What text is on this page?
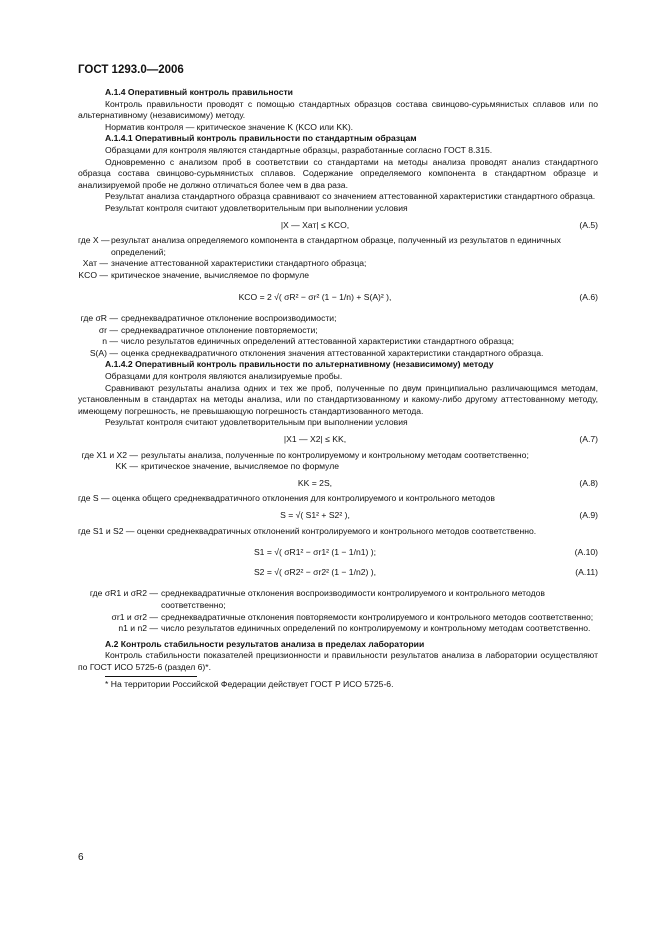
ГОСТ 1293.0—2006

А.1.4 Оперативный контроль правильности

Контроль правильности проводят с помощью стандартных образцов состава свинцово-сурьмянистых сплавов или по альтернативному (независимому) методу.

Норматив контроля — критическое значение K (KCO или KK).

А.1.4.1 Оперативный контроль правильности по стандартным образцам

Образцами для контроля являются стандартные образцы, разработанные согласно ГОСТ 8.315.

Одновременно с анализом проб в соответствии со стандартами на методы анализа проводят анализ стандартного образца состава свинцово-сурьмянистых сплавов. Содержание определяемого компонента в стандартном образце и анализируемой пробе не должно отличаться более чем в два раза.

Результат анализа стандартного образца сравнивают со значением аттестованной характеристики стандартного образца.

Результат контроля считают удовлетворительным при выполнении условия

|X — Xат| ≤ KCO,	(А.5)
где X — результат анализа определяемого компонента в стандартном образце, полученный из результатов n единичных определений;
Xат — значение аттестованной характеристики стандартного образца;
KCO — критическое значение, вычисляемое по формуле
KCO = 2 √( σR² − σr² (1 − 1/n) + S(A)² ),	(А.6)
где σR — среднеквадратичное отклонение воспроизводимости;
σr — среднеквадратичное отклонение повторяемости;
n — число результатов единичных определений аттестованной характеристики стандартного образца;
S(A) — оценка среднеквадратичного отклонения значения аттестованной характеристики стандартного образца.

А.1.4.2 Оперативный контроль правильности по альтернативному (независимому) методу

Образцами для контроля являются анализируемые пробы.

Сравнивают результаты анализа одних и тех же проб, полученные по двум принципиально различающимся методам, установленным в стандартах на методы анализа, или по стандартизованному и какому-либо другому аттестованному методу, имеющему погрешность, не превышающую погрешность стандартизованного метода.

Результат контроля считают удовлетворительным при выполнении условия

|X1 — X2| ≤ KK,	(А.7)
где X1 и X2 — результаты анализа, полученные по контролируемому и контрольному методам соответственно;
KK — критическое значение, вычисляемое по формуле
KK = 2S,	(А.8)

где S — оценка общего среднеквадратичного отклонения для контролируемого и контрольного методов

S = √( S1² + S2² ),	(А.9)

где S1 и S2 — оценки среднеквадратичных отклонений контролируемого и контрольного методов соответственно.

S1 = √( σR1² − σr1² (1 − 1/n1) );	(А.10)
S2 = √( σR2² − σr2² (1 − 1/n2) ),	(А.11)
где σR1 и σR2 — среднеквадратичные отклонения воспроизводимости контролируемого и контрольного методов соответственно;
σr1 и σr2 — среднеквадратичные отклонения повторяемости контролируемого и контрольного методов соответственно;
n1 и n2 — число результатов единичных определений по контролируемому и контрольному методам соответственно.

А.2 Контроль стабильности результатов анализа в пределах лаборатории

Контроль стабильности показателей прецизионности и правильности результатов анализа в лаборатории осуществляют по ГОСТ ИСО 5725-6 (раздел 6)*.

* На территории Российской Федерации действует ГОСТ Р ИСО 5725-6.

6
